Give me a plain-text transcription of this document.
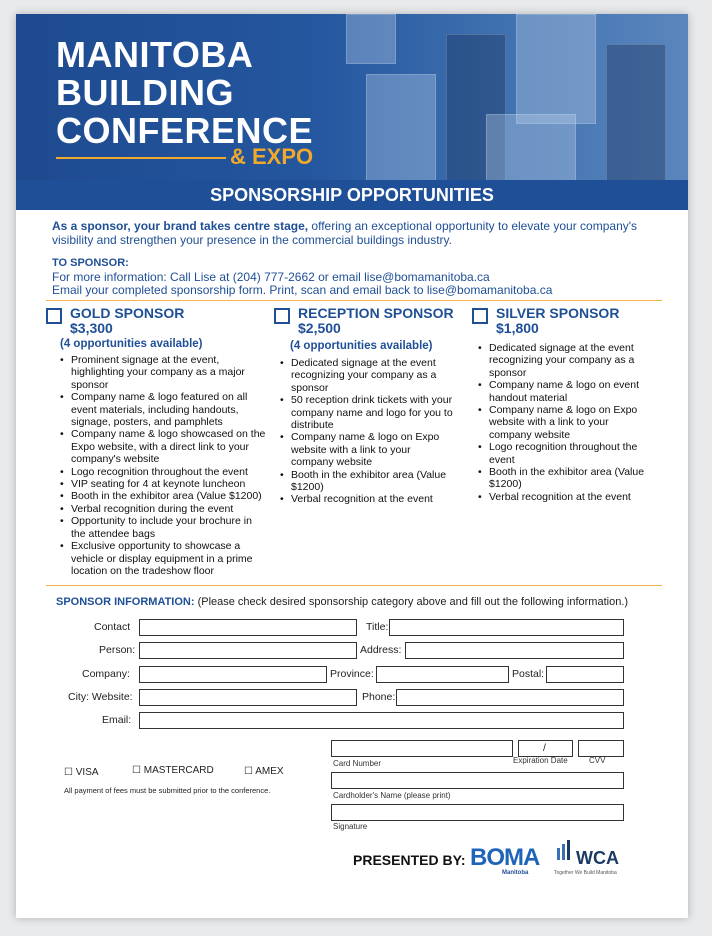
MANITOBA
BUILDING
CONFERENCE
& EXPO
SPONSORSHIP OPPORTUNITIES
As a sponsor, your brand takes centre stage, offering an exceptional opportunity to elevate your company's visibility and strengthen your presence in the commercial buildings industry.
TO SPONSOR:
For more information: Call Lise at (204) 777-2662 or email lise@bomamanitoba.ca
Email your completed sponsorship form. Print, scan and email back to lise@bomamanitoba.ca
GOLD SPONSOR
$3,300
(4 opportunities available)
• Prominent signage at the event, highlighting your company as a major sponsor
• Company name & logo featured on all event materials, including handouts, signage, posters, and pamphlets
• Company name & logo showcased on the Expo website, with a direct link to your company's website
• Logo recognition throughout the event
• VIP seating for 4 at keynote luncheon
• Booth in the exhibitor area (Value $1200)
• Verbal recognition during the event
• Opportunity to include your brochure in the attendee bags
• Exclusive opportunity to showcase a vehicle or display equipment in a prime location on the tradeshow floor
RECEPTION SPONSOR
$2,500
(4 opportunities available)
• Dedicated signage at the event recognizing your company as a sponsor
• 50 reception drink tickets with your company name and logo for you to distribute
• Company name & logo on Expo website with a link to your company website
• Booth in the exhibitor area (Value $1200)
• Verbal recognition at the event
SILVER SPONSOR
$1,800
• Dedicated signage at the event recognizing your company as a sponsor
• Company name & logo on event handout material
• Company name & logo on Expo website with a link to your company website
• Logo recognition throughout the event
• Booth in the exhibitor area (Value $1200)
• Verbal recognition at the event
SPONSOR INFORMATION: (Please check desired sponsorship category above and fill out the following information.)
Contact	Title:
Person:	Address:
Company:	Province:	Postal:
City: Website:	Phone:
Email:
/
Card Number	Expiration Date	CVV
☐ VISA	☐ MASTERCARD	☐ AMEX
Cardholder's Name (please print)
All payment of fees must be submitted prior to the conference.
Signature
PRESENTED BY: BOMA
Manitoba
WCA
Together We Build Manitoba
